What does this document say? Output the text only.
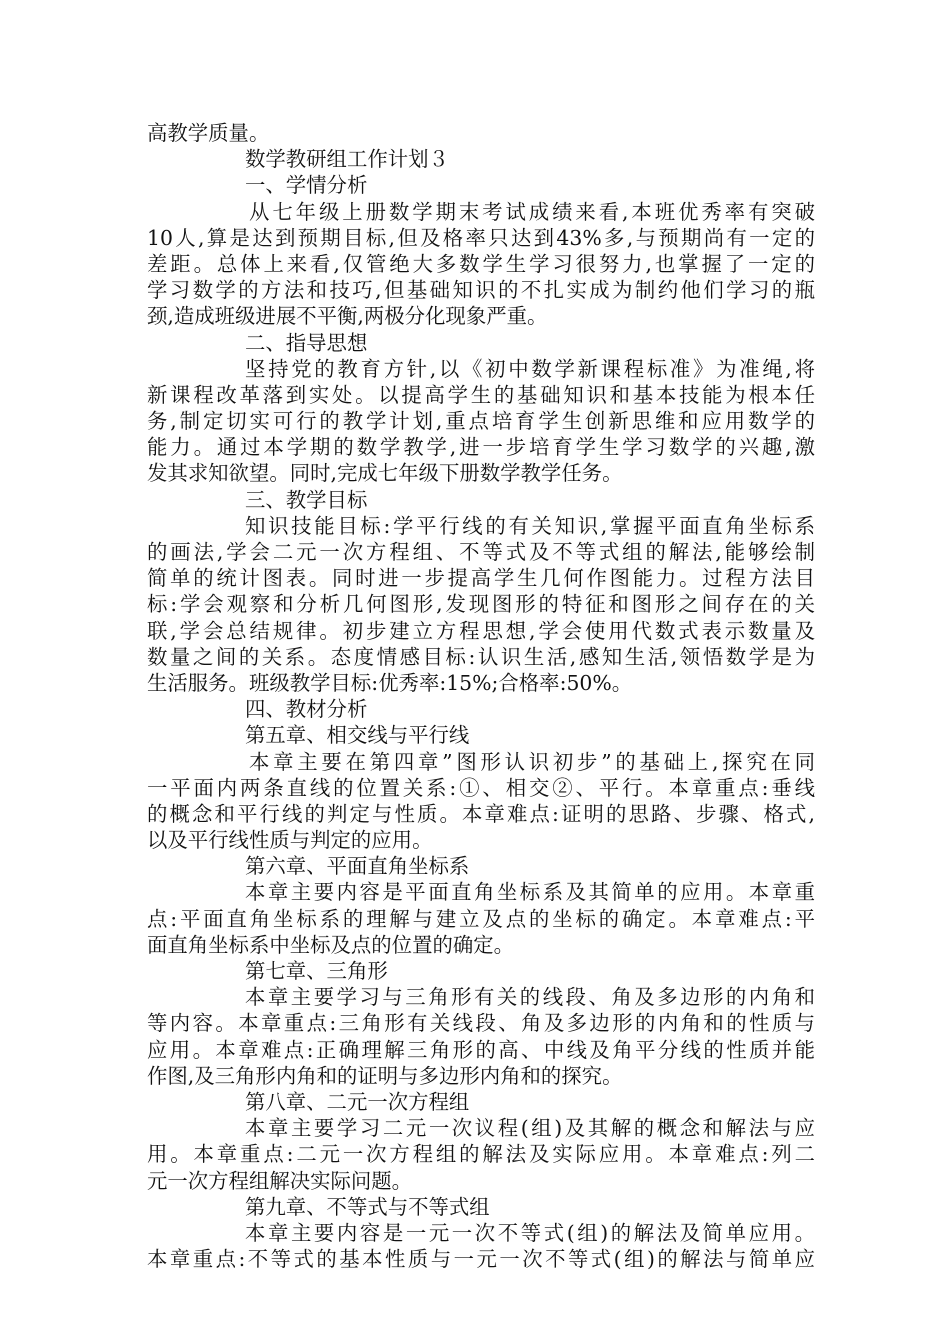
高教学质量。
数学教研组工作计划３
一、学情分析
从七年级上册数学期末考试成绩来看,本班优秀率有突破
10人,算是达到预期目标,但及格率只达到43%多,与预期尚有一定的
差距。总体上来看,仅管绝大多数学生学习很努力,也掌握了一定的
学习数学的方法和技巧,但基础知识的不扎实成为制约他们学习的瓶
颈,造成班级进展不平衡,两极分化现象严重。
二、指导思想
坚持党的教育方针,以《初中数学新课程标准》为准绳,将
新课程改革落到实处。以提高学生的基础知识和基本技能为根本任
务,制定切实可行的教学计划,重点培育学生创新思维和应用数学的
能力。通过本学期的数学教学,进一步培育学生学习数学的兴趣,激
发其求知欲望。同时,完成七年级下册数学教学任务。
三、教学目标
知识技能目标:学平行线的有关知识,掌握平面直角坐标系
的画法,学会二元一次方程组、不等式及不等式组的解法,能够绘制
简单的统计图表。同时进一步提高学生几何作图能力。过程方法目
标:学会观察和分析几何图形,发现图形的特征和图形之间存在的关
联,学会总结规律。初步建立方程思想,学会使用代数式表示数量及
数量之间的关系。态度情感目标:认识生活,感知生活,领悟数学是为
生活服务。班级教学目标:优秀率:15%;合格率:50%。
四、教材分析
第五章、相交线与平行线
本章主要在第四章”图形认识初步”的基础上,探究在同
一平面内两条直线的位置关系:①、相交②、平行。本章重点:垂线
的概念和平行线的判定与性质。本章难点:证明的思路、步骤、格式,
以及平行线性质与判定的应用。
第六章、平面直角坐标系
本章主要内容是平面直角坐标系及其简单的应用。本章重
点:平面直角坐标系的理解与建立及点的坐标的确定。本章难点:平
面直角坐标系中坐标及点的位置的确定。
第七章、三角形
本章主要学习与三角形有关的线段、角及多边形的内角和
等内容。本章重点:三角形有关线段、角及多边形的内角和的性质与
应用。本章难点:正确理解三角形的高、中线及角平分线的性质并能
作图,及三角形内角和的证明与多边形内角和的探究。
第八章、二元一次方程组
本章主要学习二元一次议程(组)及其解的概念和解法与应
用。本章重点:二元一次方程组的解法及实际应用。本章难点:列二
元一次方程组解决实际问题。
第九章、不等式与不等式组
本章主要内容是一元一次不等式(组)的解法及简单应用。
本章重点:不等式的基本性质与一元一次不等式(组)的解法与简单应
